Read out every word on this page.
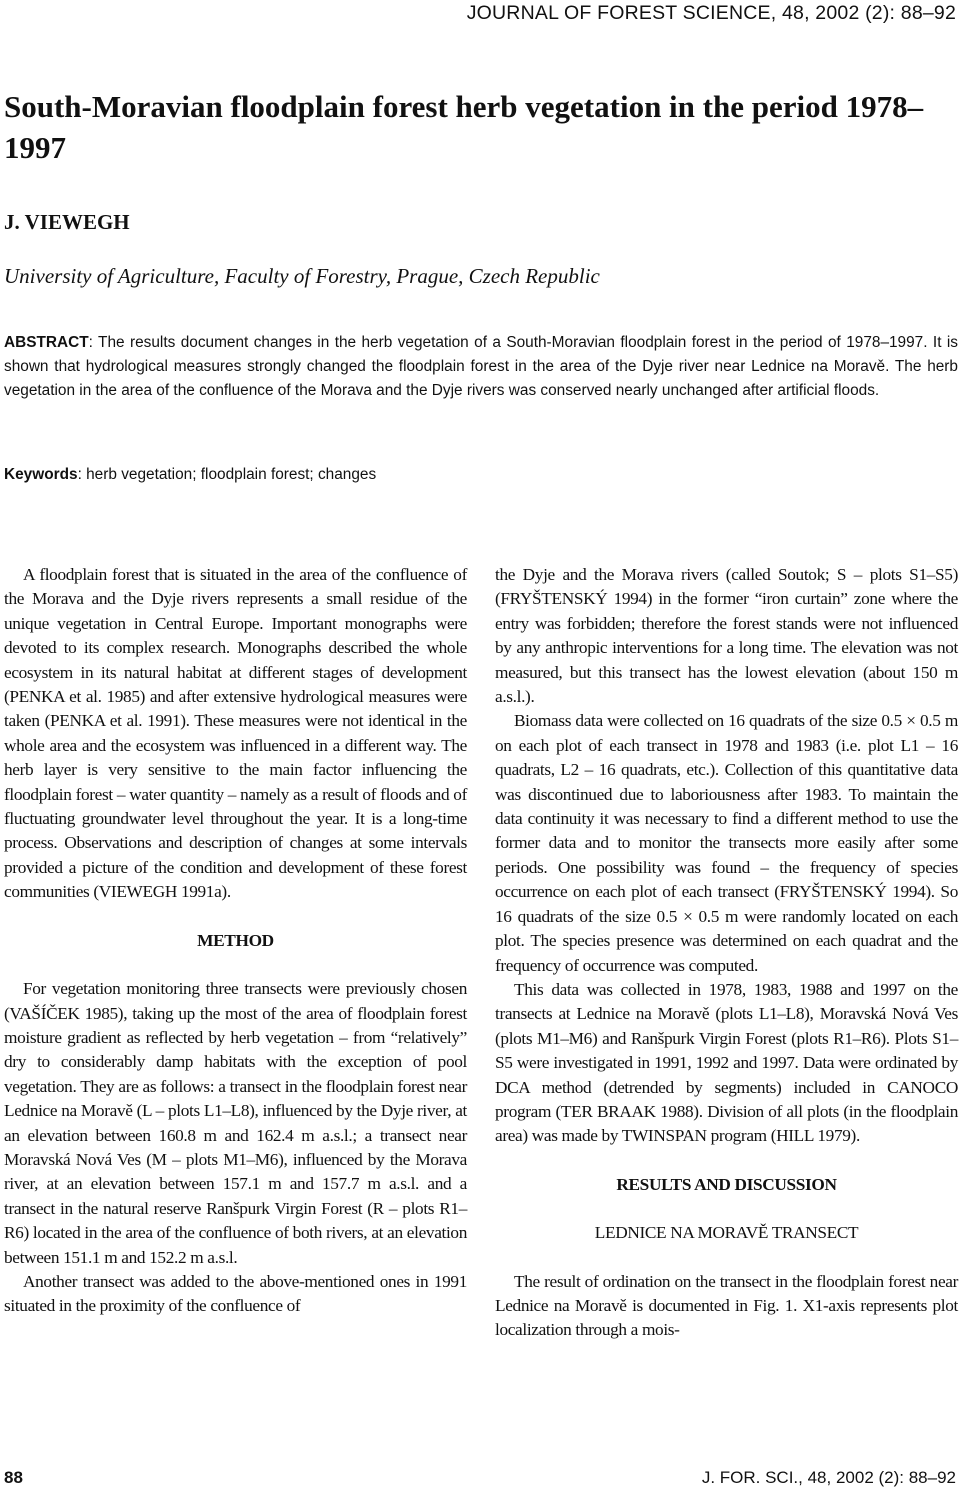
JOURNAL OF FOREST SCIENCE, 48, 2002 (2): 88–92
South-Moravian floodplain forest herb vegetation in the period 1978–1997
J. VIEWEGH
University of Agriculture, Faculty of Forestry, Prague, Czech Republic

ABSTRACT: The results document changes in the herb vegetation of a South-Moravian floodplain forest in the period of 1978–1997. It is shown that hydrological measures strongly changed the floodplain forest in the area of the Dyje river near Lednice na Moravě. The herb vegetation in the area of the confluence of the Morava and the Dyje rivers was conserved nearly unchanged after artificial floods.

Keywords: herb vegetation; floodplain forest; changes

A floodplain forest that is situated in the area of the confluence of the Morava and the Dyje rivers represents a small residue of the unique vegetation in Central Europe. Important monographs were devoted to its complex research. Monographs described the whole ecosystem in its natural habitat at different stages of development (PENKA et al. 1985) and after extensive hydrological measures were taken (PENKA et al. 1991). These measures were not identical in the whole area and the ecosystem was influenced in a different way. The herb layer is very sensitive to the main factor influencing the floodplain forest – water quantity – namely as a result of floods and of fluctuating groundwater level throughout the year. It is a long-time process. Observations and description of changes at some intervals provided a picture of the condition and development of these forest communities (VIEWEGH 1991a).

METHOD

For vegetation monitoring three transects were previously chosen (VAŠÍČEK 1985), taking up the most of the area of floodplain forest moisture gradient as reflected by herb vegetation – from “relatively” dry to considerably damp habitats with the exception of pool vegetation. They are as follows: a transect in the floodplain forest near Lednice na Moravě (L – plots L1–L8), influenced by the Dyje river, at an elevation between 160.8 m and 162.4 m a.s.l.; a transect near Moravská Nová Ves (M – plots M1–M6), influenced by the Morava river, at an elevation between 157.1 m and 157.7 m a.s.l. and a transect in the natural reserve Ranšpurk Virgin Forest (R – plots R1–R6) located in the area of the confluence of both rivers, at an elevation between 151.1 m and 152.2 m a.s.l.

Another transect was added to the above-mentioned ones in 1991 situated in the proximity of the confluence of

the Dyje and the Morava rivers (called Soutok; S – plots S1–S5) (FRYŠTENSKÝ 1994) in the former “iron curtain” zone where the entry was forbidden; therefore the forest stands were not influenced by any anthropic interventions for a long time. The elevation was not measured, but this transect has the lowest elevation (about 150 m a.s.l.).

Biomass data were collected on 16 quadrats of the size 0.5 × 0.5 m on each plot of each transect in 1978 and 1983 (i.e. plot L1 – 16 quadrats, L2 – 16 quadrats, etc.). Collection of this quantitative data was discontinued due to laboriousness after 1983. To maintain the data continuity it was necessary to find a different method to use the former data and to monitor the transects more easily after some periods. One possibility was found – the frequency of species occurrence on each plot of each transect (FRYŠTENSKÝ 1994). So 16 quadrats of the size 0.5 × 0.5 m were randomly located on each plot. The species presence was determined on each quadrat and the frequency of occurrence was computed.

This data was collected in 1978, 1983, 1988 and 1997 on the transects at Lednice na Moravě (plots L1–L8), Moravská Nová Ves (plots M1–M6) and Ranšpurk Virgin Forest (plots R1–R6). Plots S1–S5 were investigated in 1991, 1992 and 1997. Data were ordinated by DCA method (detrended by segments) included in CANOCO program (TER BRAAK 1988). Division of all plots (in the floodplain area) was made by TWINSPAN program (HILL 1979).

RESULTS AND DISCUSSION
LEDNICE NA MORAVĚ TRANSECT

The result of ordination on the transect in the floodplain forest near Lednice na Moravě is documented in Fig. 1. X1-axis represents plot localization through a mois-

88	J. FOR. SCI., 48, 2002 (2): 88–92
